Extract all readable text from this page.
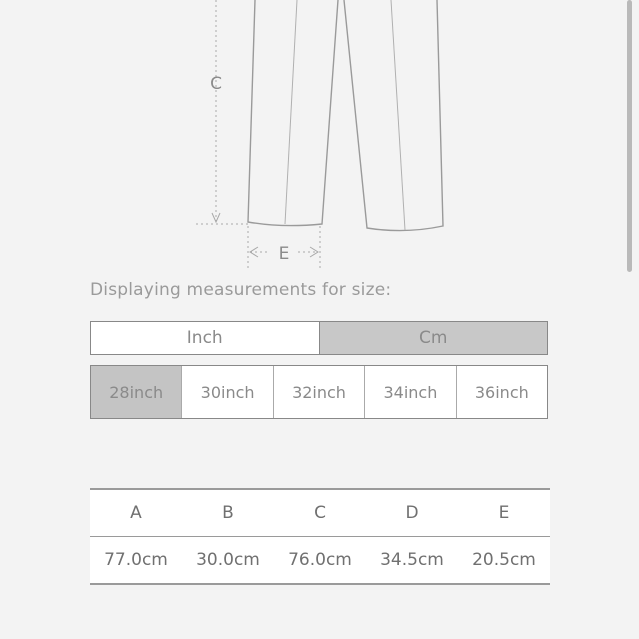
C
E
Displaying measurements for size:
Inch	Cm
28inch	30inch	32inch	34inch	36inch
A	B	C	D	E
77.0cm	30.0cm	76.0cm	34.5cm	20.5cm
